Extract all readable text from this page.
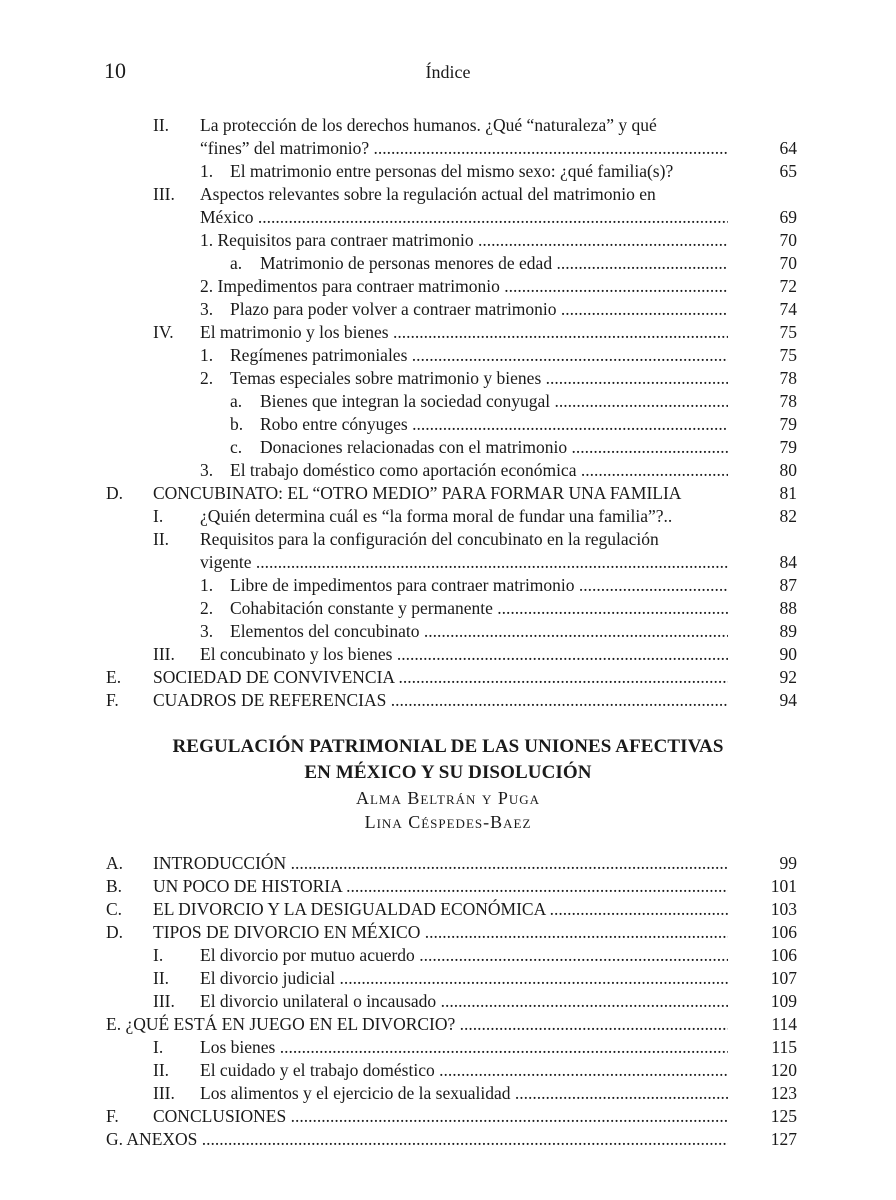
10	Índice
II. La protección de los derechos humanos. ¿Qué “naturaleza” y qué
“fines” del matrimonio? .....	64
1. El matrimonio entre personas del mismo sexo: ¿qué familia(s)?	65
III. Aspectos relevantes sobre la regulación actual del matrimonio en
México .....	69
1. Requisitos para contraer matrimonio .....	70
a. Matrimonio de personas menores de edad .....	70
2. Impedimentos para contraer matrimonio .....	72
3. Plazo para poder volver a contraer matrimonio .....	74
IV. El matrimonio y los bienes .....	75
1. Regímenes patrimoniales .....	75
2. Temas especiales sobre matrimonio y bienes .....	78
a. Bienes que integran la sociedad conyugal .....	78
b. Robo entre cónyuges .....	79
c. Donaciones relacionadas con el matrimonio .....	79
3. El trabajo doméstico como aportación económica .....	80
D. CONCUBINATO: EL “OTRO MEDIO” PARA FORMAR UNA FAMILIA	81
I. ¿Quién determina cuál es “la forma moral de fundar una familia”?..	82
II. Requisitos para la configuración del concubinato en la regulación
vigente .....	84
1. Libre de impedimentos para contraer matrimonio .....	87
2. Cohabitación constante y permanente .....	88
3. Elementos del concubinato .....	89
III. El concubinato y los bienes .....	90
E. SOCIEDAD DE CONVIVENCIA .....	92
F. CUADROS DE REFERENCIAS .....	94
REGULACIÓN PATRIMONIAL DE LAS UNIONES AFECTIVAS
EN MÉXICO Y SU DISOLUCIÓN
Alma Beltrán y Puga
Lina Céspedes-Baez
A. INTRODUCCIÓN .....	99
B. UN POCO DE HISTORIA .....	101
C. EL DIVORCIO Y LA DESIGUALDAD ECONÓMICA .....	103
D. TIPOS DE DIVORCIO EN MÉXICO .....	106
I. El divorcio por mutuo acuerdo .....	106
II. El divorcio judicial .....	107
III. El divorcio unilateral o incausado .....	109
E. ¿QUÉ ESTÁ EN JUEGO EN EL DIVORCIO? .....	114
I. Los bienes .....	115
II. El cuidado y el trabajo doméstico .....	120
III. Los alimentos y el ejercicio de la sexualidad .....	123
F. CONCLUSIONES .....	125
G. ANEXOS .....	127
